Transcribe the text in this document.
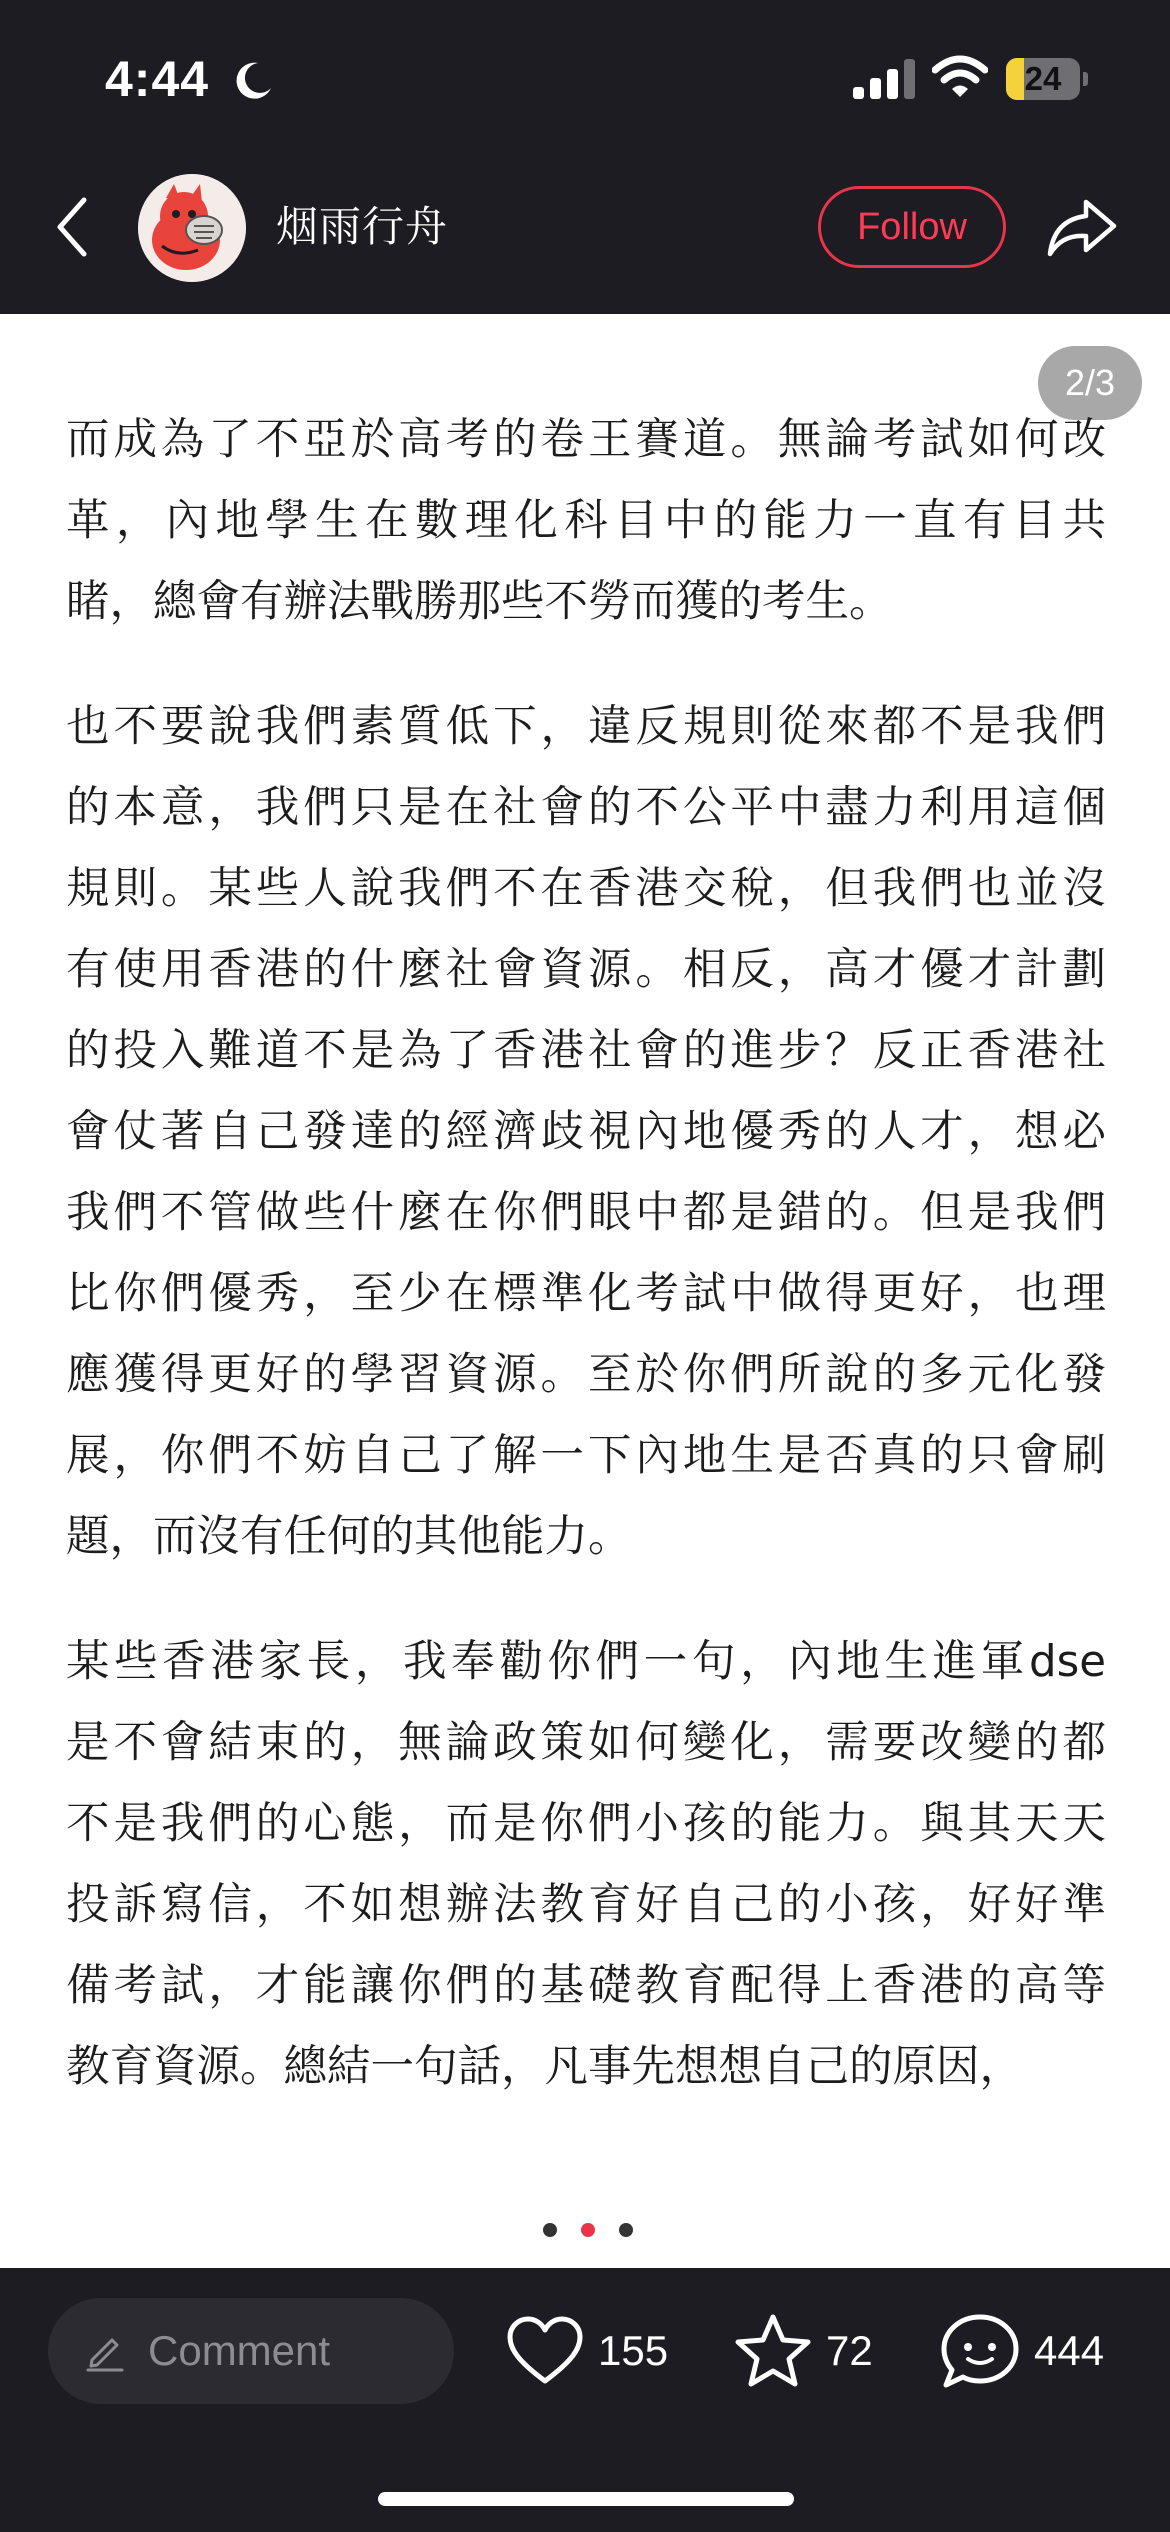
4:44	24
烟雨行舟	Follow
2/3

而成為了不亞於高考的卷王賽道。無論考試如何改
革，內地學生在數理化科目中的能力一直有目共
睹，總會有辦法戰勝那些不勞而獲的考生。

也不要說我們素質低下，違反規則從來都不是我們
的本意，我們只是在社會的不公平中盡力利用這個
規則。某些人說我們不在香港交稅，但我們也並沒
有使用香港的什麼社會資源。相反，高才優才計劃
的投入難道不是為了香港社會的進步？反正香港社
會仗著自己發達的經濟歧視內地優秀的人才，想必
我們不管做些什麼在你們眼中都是錯的。但是我們
比你們優秀，至少在標準化考試中做得更好，也理
應獲得更好的學習資源。至於你們所說的多元化發
展，你們不妨自己了解一下內地生是否真的只會刷
題，而沒有任何的其他能力。

某些香港家長，我奉勸你們一句，內地生進軍dse
是不會結束的，無論政策如何變化，需要改變的都
不是我們的心態，而是你們小孩的能力。與其天天
投訴寫信，不如想辦法教育好自己的小孩，好好準
備考試，才能讓你們的基礎教育配得上香港的高等
教育資源。總結一句話，凡事先想想自己的原因，

Comment	155	72	444
